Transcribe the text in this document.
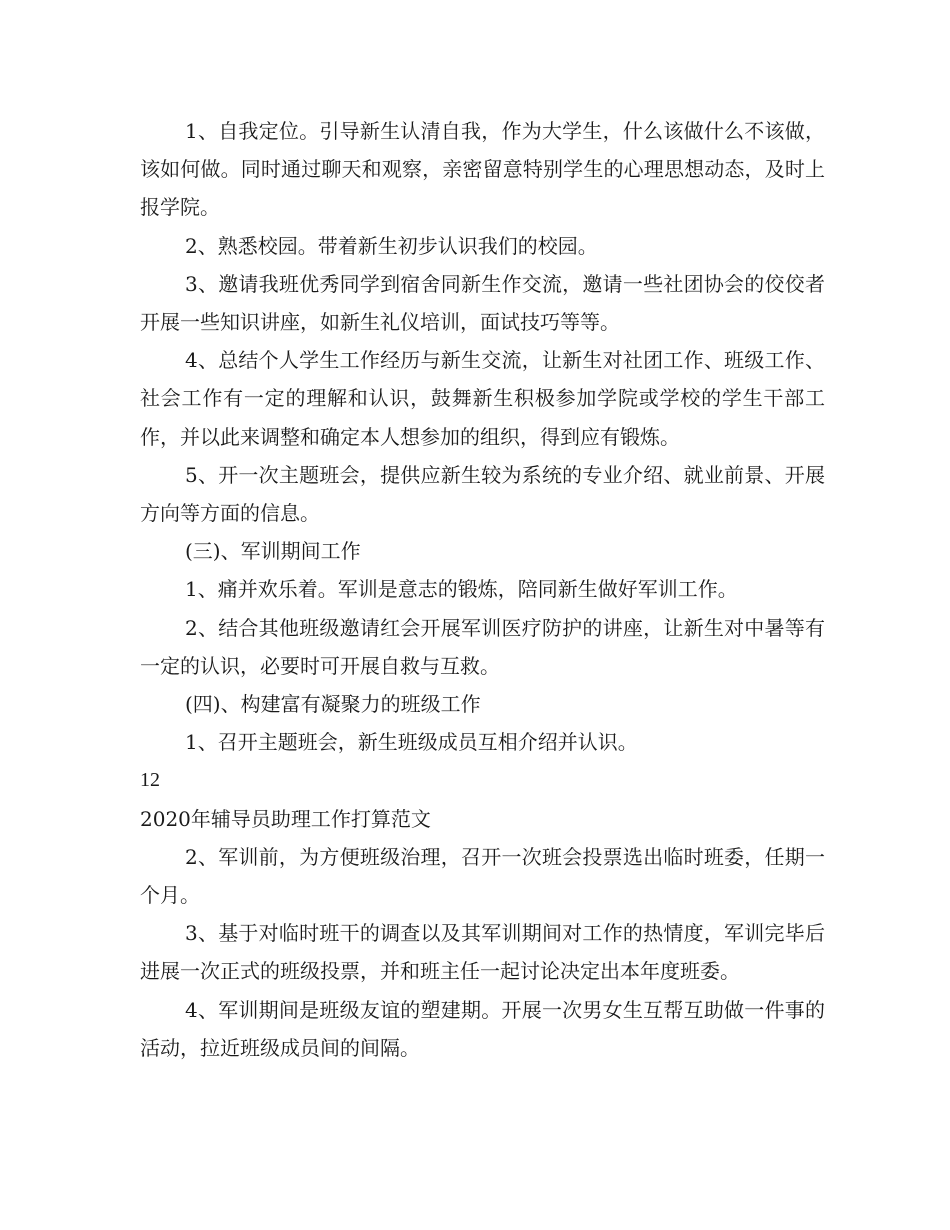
1、自我定位。引导新生认清自我，作为大学生，什么该做什么不该做，该如何做。同时通过聊天和观察，亲密留意特别学生的心理思想动态，及时上报学院。

2、熟悉校园。带着新生初步认识我们的校园。

3、邀请我班优秀同学到宿舍同新生作交流，邀请一些社团协会的佼佼者开展一些知识讲座，如新生礼仪培训，面试技巧等等。

4、总结个人学生工作经历与新生交流，让新生对社团工作、班级工作、社会工作有一定的理解和认识，鼓舞新生积极参加学院或学校的学生干部工作，并以此来调整和确定本人想参加的组织，得到应有锻炼。

5、开一次主题班会，提供应新生较为系统的专业介绍、就业前景、开展方向等方面的信息。

(三)、军训期间工作

1、痛并欢乐着。军训是意志的锻炼，陪同新生做好军训工作。

2、结合其他班级邀请红会开展军训医疗防护的讲座，让新生对中暑等有一定的认识，必要时可开展自救与互救。

(四)、构建富有凝聚力的班级工作

1、召开主题班会，新生班级成员互相介绍并认识。

12

2020年辅导员助理工作打算范文

2、军训前，为方便班级治理，召开一次班会投票选出临时班委，任期一个月。

3、基于对临时班干的调查以及其军训期间对工作的热情度，军训完毕后进展一次正式的班级投票，并和班主任一起讨论决定出本年度班委。

4、军训期间是班级友谊的塑建期。开展一次男女生互帮互助做一件事的活动，拉近班级成员间的间隔。
